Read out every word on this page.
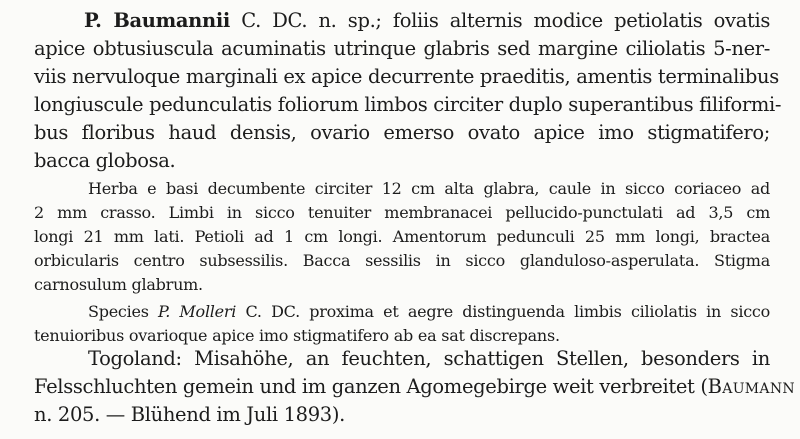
P. Baumannii C. DC. n. sp.; foliis alternis modice petiolatis ovatis
apice obtusiuscula acuminatis utrinque glabris sed margine ciliolatis 5-ner-
viis nervuloque marginali ex apice decurrente praeditis, amentis terminalibus
longiuscule pedunculatis foliorum limbos circiter duplo superantibus filiformi-
bus floribus haud densis, ovario emerso ovato apice imo stigmatifero;
bacca globosa.
Herba e basi decumbente circiter 12 cm alta glabra, caule in sicco coriaceo ad
2 mm crasso. Limbi in sicco tenuiter membranacei pellucido-punctulati ad 3,5 cm
longi 21 mm lati. Petioli ad 1 cm longi. Amentorum pedunculi 25 mm longi, bractea
orbicularis centro subsessilis. Bacca sessilis in sicco glanduloso-asperulata. Stigma
carnosulum glabrum.
Species P. Molleri C. DC. proxima et aegre distinguenda limbis ciliolatis in sicco
tenuioribus ovarioque apice imo stigmatifero ab ea sat discrepans.
Togoland: Misahöhe, an feuchten, schattigen Stellen, besonders in
Felsschluchten gemein und im ganzen Agomegebirge weit verbreitet (Baumann
n. 205. — Blühend im Juli 1893).
